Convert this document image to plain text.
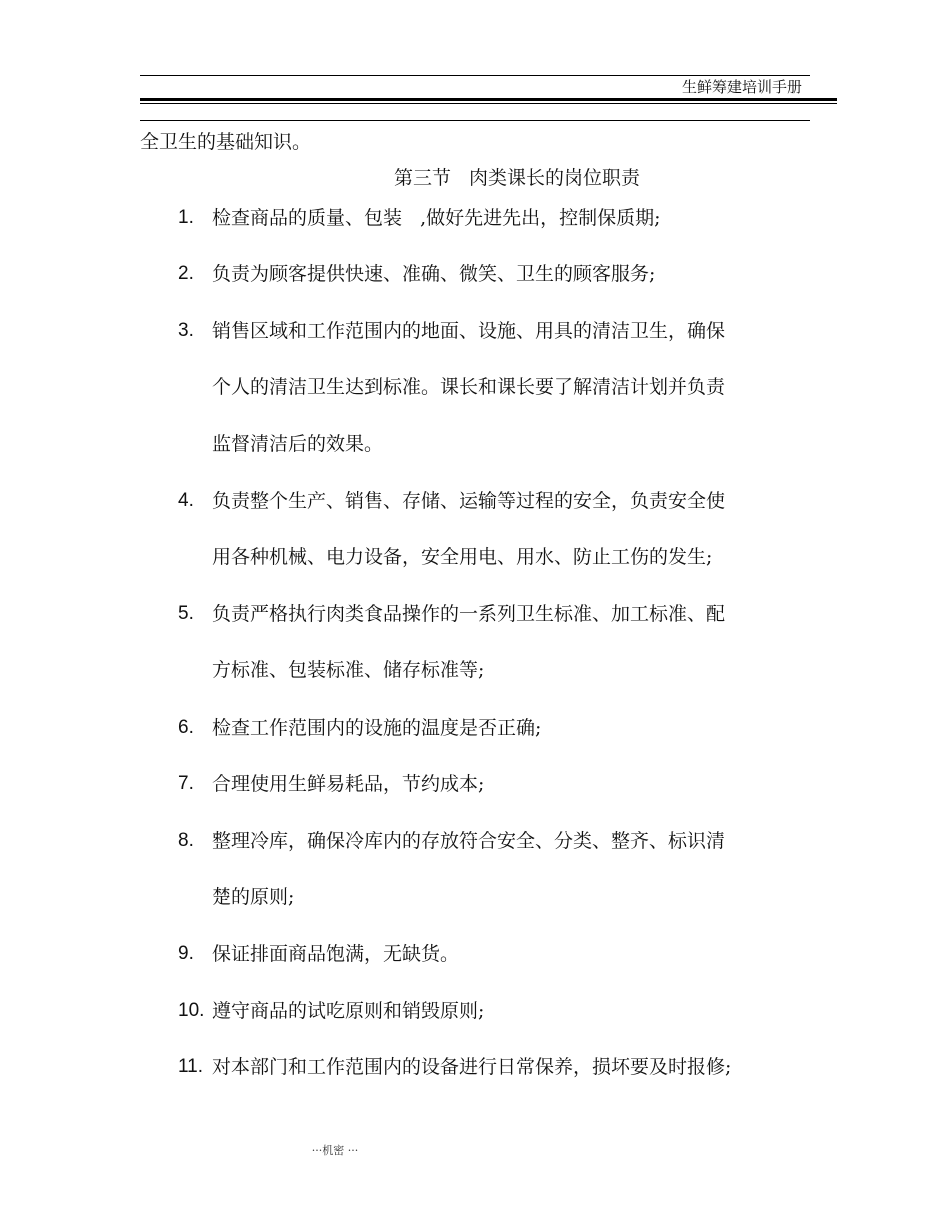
生鲜筹建培训手册
全卫生的基础知识。
第三节   肉类课长的岗位职责
1. 检查商品的质量、包装   ,做好先进先出，控制保质期;
2. 负责为顾客提供快速、准确、微笑、卫生的顾客服务;
3. 销售区域和工作范围内的地面、设施、用具的清洁卫生，确保
个人的清洁卫生达到标准。课长和课长要了解清洁计划并负责
监督清洁后的效果。
4. 负责整个生产、销售、存储、运输等过程的安全，负责安全使
用各种机械、电力设备，安全用电、用水、防止工伤的发生;
5. 负责严格执行肉类食品操作的一系列卫生标准、加工标准、配
方标准、包装标准、储存标准等;
6. 检查工作范围内的设施的温度是否正确;
7. 合理使用生鲜易耗品，节约成本;
8. 整理冷库，确保冷库内的存放符合安全、分类、整齐、标识清
楚的原则;
9. 保证排面商品饱满，无缺货。
10. 遵守商品的试吃原则和销毁原则;
11. 对本部门和工作范围内的设备进行日常保养，损坏要及时报修;
···机密 ···
